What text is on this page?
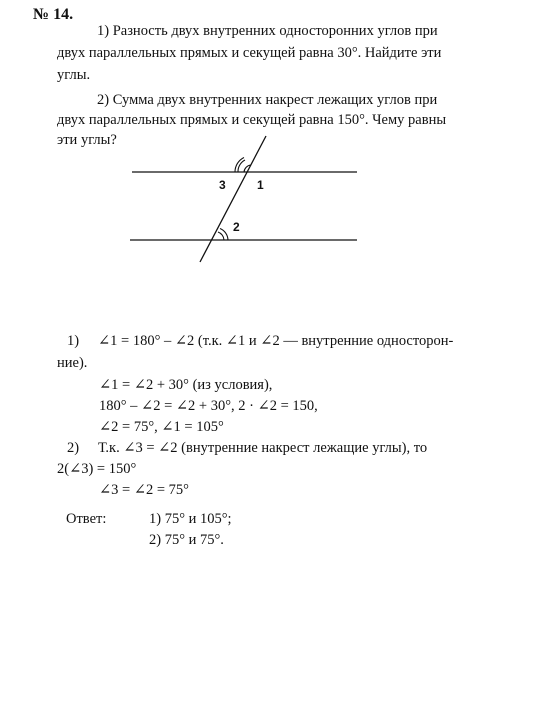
№ 14.
1) Разность двух внутренних односторонних углов при
двух параллельных прямых и секущей равна 30°. Найдите эти
углы.
2) Сумма двух внутренних накрест лежащих углов при
двух параллельных прямых и секущей равна 150°. Чему равны
эти углы?
3	1
2
1) ∠1 = 180° – ∠2 (т.к. ∠1 и ∠2 — внутренние односторон-
ние).
∠1 = ∠2 + 30° (из условия),
180° – ∠2 = ∠2 + 30°, 2 · ∠2 = 150,
∠2 = 75°, ∠1 = 105°
2) Т.к. ∠3 = ∠2 (внутренние накрест лежащие углы), то
2(∠3) = 150°
∠3 = ∠2 = 75°
Ответ:	1) 75° и 105°;
2) 75° и 75°.
